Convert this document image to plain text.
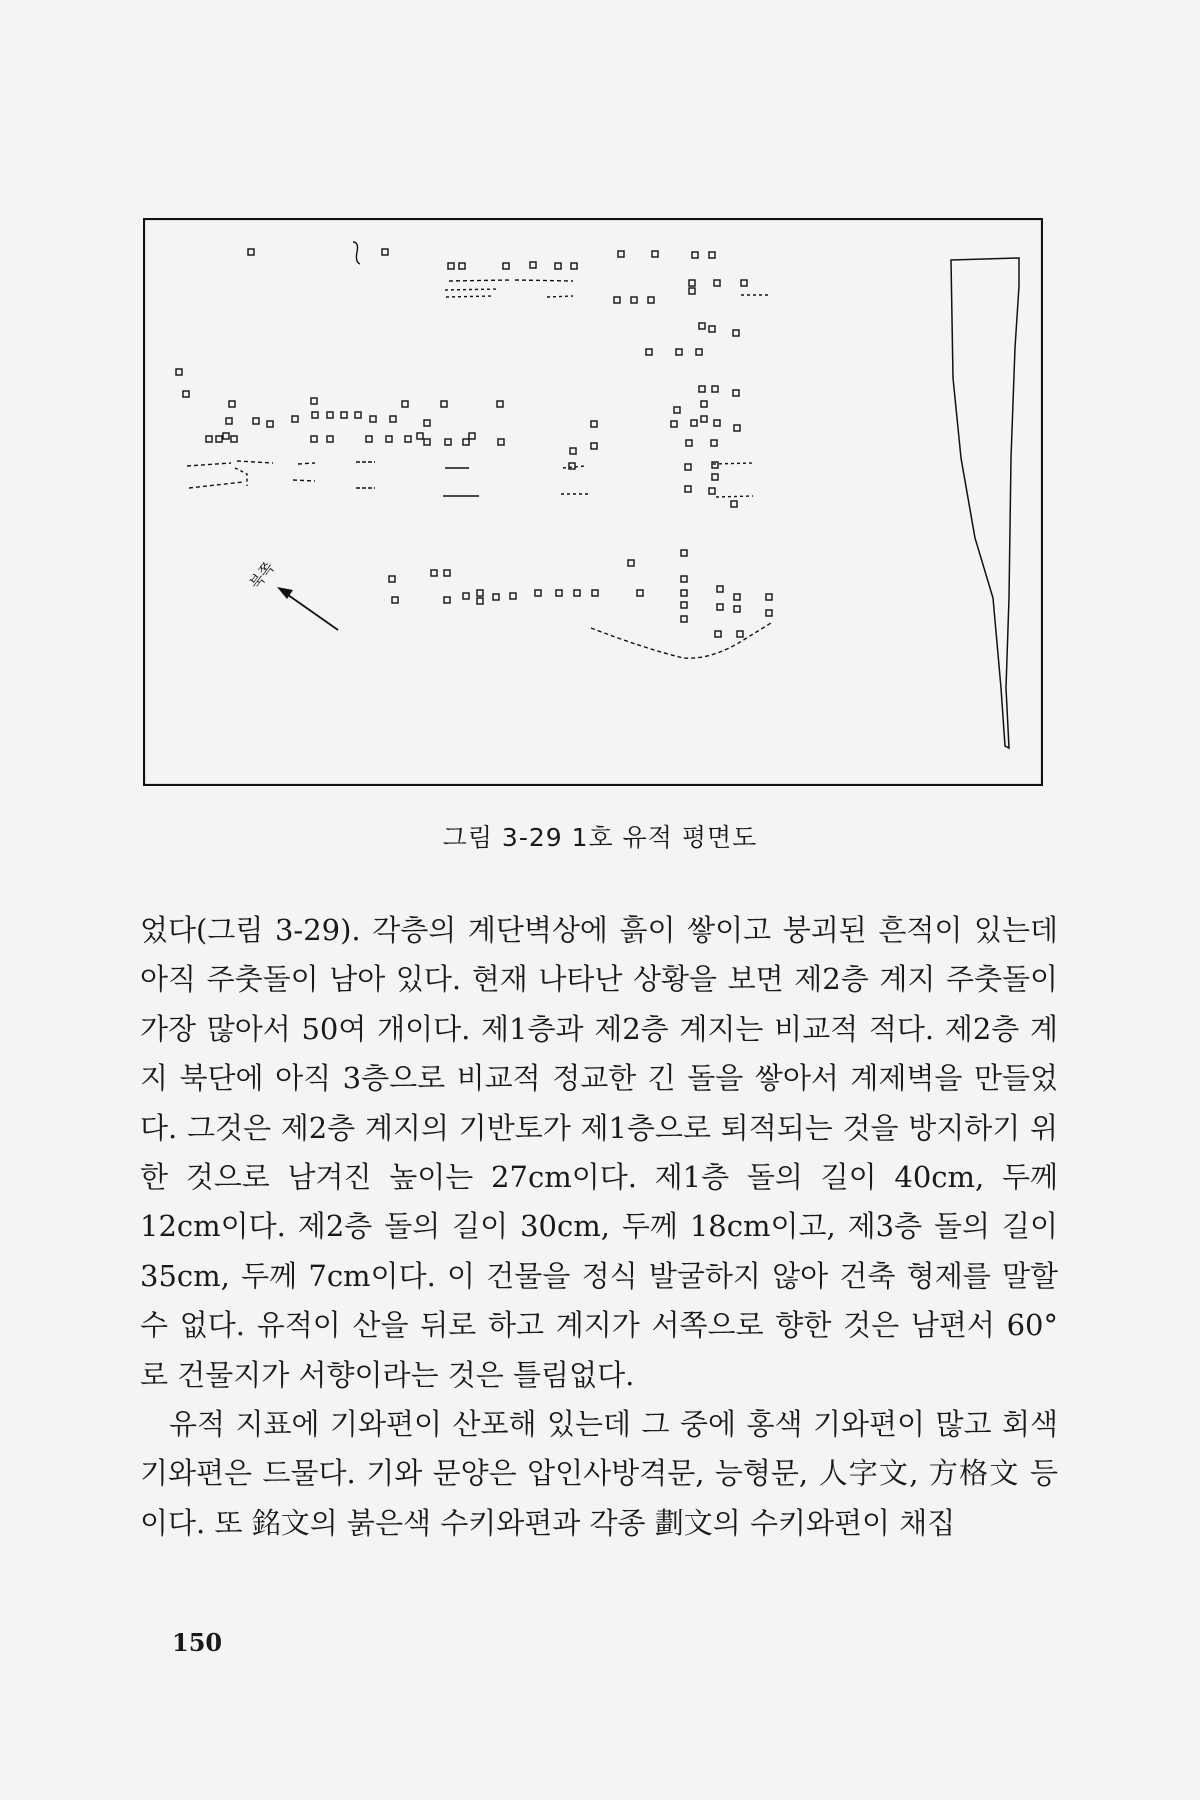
북쪽
그림 3-29 1호 유적 평면도

었다(그림 3-29). 각층의 계단벽상에 흙이 쌓이고 붕괴된 흔적이 있는데 아직 주춧돌이 남아 있다. 현재 나타난 상황을 보면 제2층 계지 주춧돌이 가장 많아서 50여 개이다. 제1층과 제2층 계지는 비교적 적다. 제2층 계지 북단에 아직 3층으로 비교적 정교한 긴 돌을 쌓아서 계제벽을 만들었다. 그것은 제2층 계지의 기반토가 제1층으로 퇴적되는 것을 방지하기 위한 것으로 남겨진 높이는 27cm이다. 제1층 돌의 길이 40cm, 두께 12cm이다. 제2층 돌의 길이 30cm, 두께 18cm이고, 제3층 돌의 길이 35cm, 두께 7cm이다. 이 건물을 정식 발굴하지 않아 건축 형제를 말할 수 없다. 유적이 산을 뒤로 하고 계지가 서쪽으로 향한 것은 남편서 60° 로 건물지가 서향이라는 것은 틀림없다.

유적 지표에 기와편이 산포해 있는데 그 중에 홍색 기와편이 많고 회색 기와편은 드물다. 기와 문양은 압인사방격문, 능형문, 人字文, 方格文 등이다. 또 銘文의 붉은색 수키와편과 각종 劃文의 수키와편이 채집

150
